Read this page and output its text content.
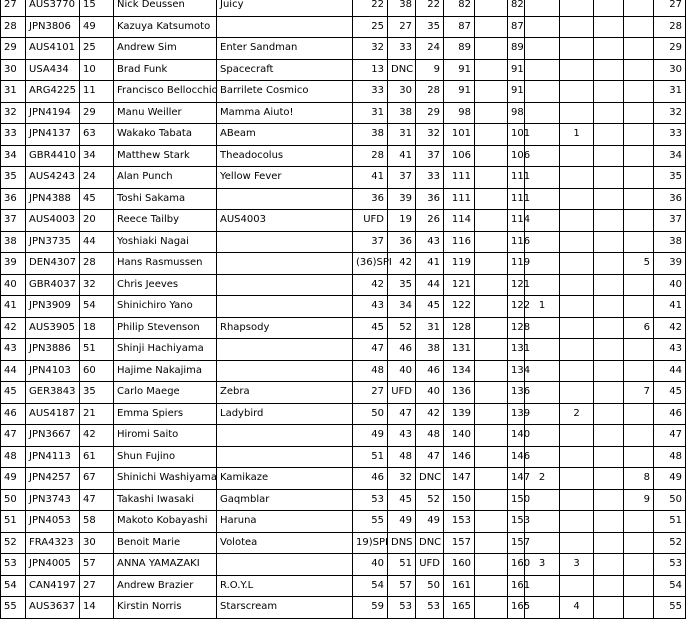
27	AUS3770	15	Nick Deussen	Juicy	22	38	22	82		82					27
28	JPN3806	49	Kazuya Katsumoto		25	27	35	87		87					28
29	AUS4101	25	Andrew Sim	Enter Sandman	32	33	24	89		89					29
30	USA434	10	Brad Funk	Spacecraft	13	DNC	9	91		91					30
31	ARG4225	11	Francisco Bellocchio	Barrilete Cosmico	33	30	28	91		91					31
32	JPN4194	29	Manu Weiller	Mamma Aiuto!	31	38	29	98		98					32
33	JPN4137	63	Wakako Tabata	ABeam	38	31	32	101		101		1			33
34	GBR4410	34	Matthew Stark	Theadocolus	28	41	37	106		106					34
35	AUS4243	24	Alan Punch	Yellow Fever	41	37	33	111		111					35
36	JPN4388	45	Toshi Sakama		36	39	36	111		111					36
37	AUS4003	20	Reece Tailby	AUS4003	UFD	19	26	114		114					37
38	JPN3735	44	Yoshiaki Nagai		37	36	43	116		116					38
39	DEN4307	28	Hans Rasmussen		(36)SPI	42	41	119		119				5	39
40	GBR4037	32	Chris Jeeves		42	35	44	121		121					40
41	JPN3909	54	Shinichiro Yano		43	34	45	122		122	1				41
42	AUS3905	18	Philip Stevenson	Rhapsody	45	52	31	128		128				6	42
43	JPN3886	51	Shinji Hachiyama		47	46	38	131		131					43
44	JPN4103	60	Hajime Nakajima		48	40	46	134		134					44
45	GER3843	35	Carlo Maege	Zebra	27	UFD	40	136		136				7	45
46	AUS4187	21	Emma Spiers	Ladybird	50	47	42	139		139		2			46
47	JPN3667	42	Hiromi Saito		49	43	48	140		140					47
48	JPN4113	61	Shun Fujino		51	48	47	146		146					48
49	JPN4257	67	Shinichi Washiyama	Kamikaze	46	32	DNC	147		147	2			8	49
50	JPN3743	47	Takashi Iwasaki	Gaqmblar	53	45	52	150		150				9	50
51	JPN4053	58	Makoto Kobayashi	Haruna	55	49	49	153		153					51
52	FRA4323	30	Benoit Marie	Volotea	19)SPI	DNS	DNC	157		157					52
53	JPN4005	57	ANNA YAMAZAKI		40	51	UFD	160		160	3	3			53
54	CAN4197	27	Andrew Brazier	R.O.Y.L	54	57	50	161		161					54
55	AUS3637	14	Kirstin Norris	Starscream	59	53	53	165		165		4			55
